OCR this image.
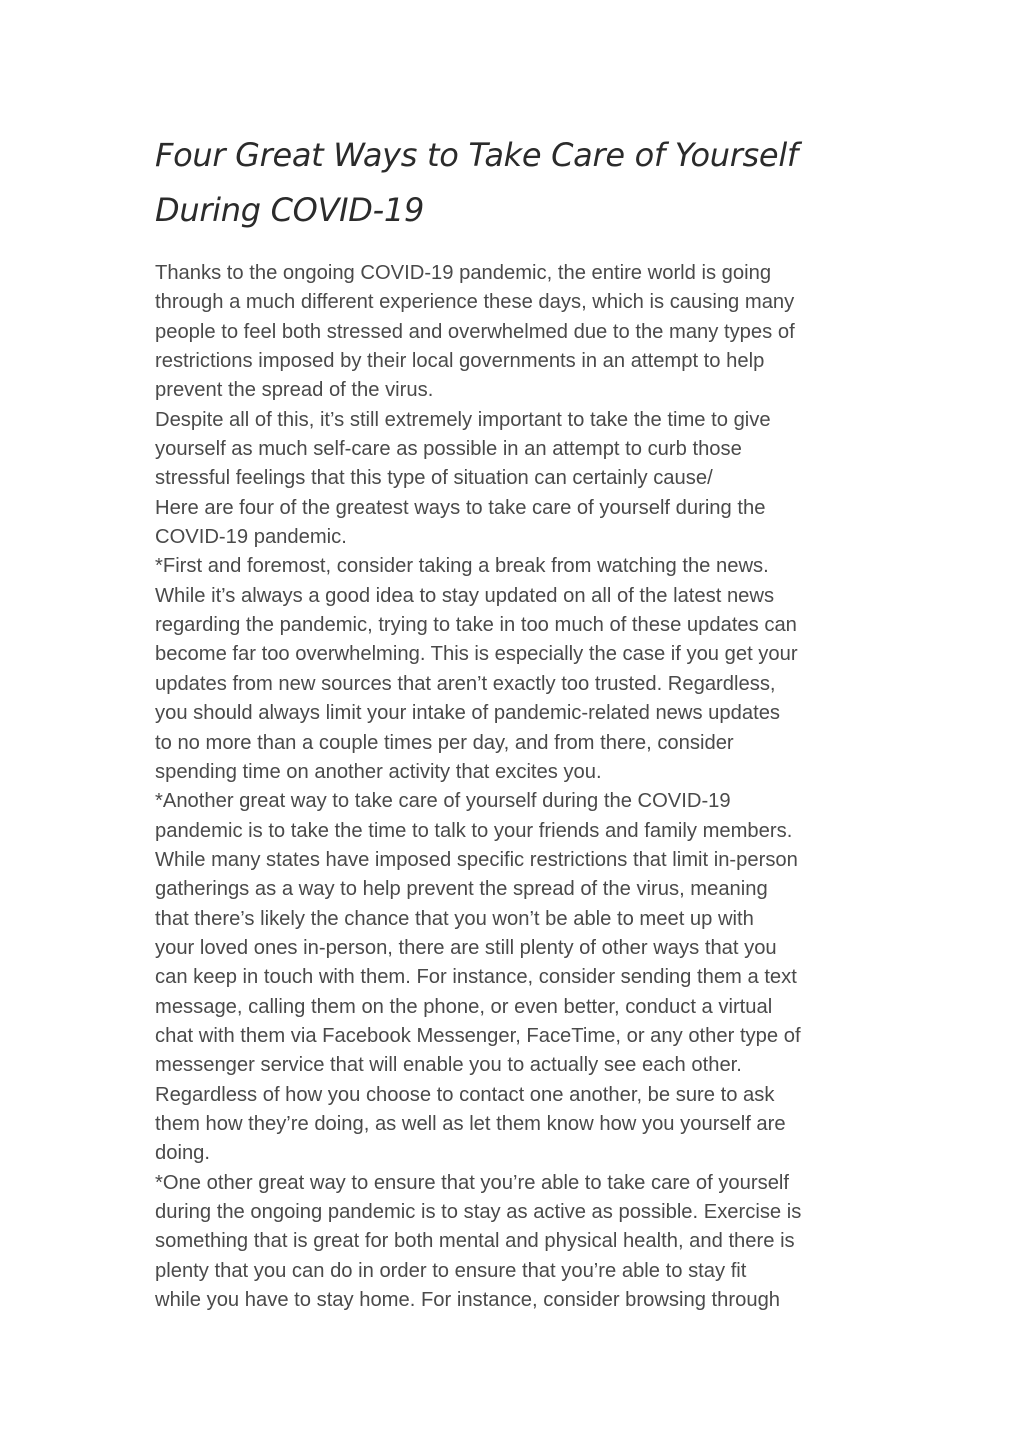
Four Great Ways to Take Care of Yourself During COVID-19

Thanks to the ongoing COVID-19 pandemic, the entire world is going
through a much different experience these days, which is causing many
people to feel both stressed and overwhelmed due to the many types of
restrictions imposed by their local governments in an attempt to help
prevent the spread of the virus.

Despite all of this, it’s still extremely important to take the time to give
yourself as much self-care as possible in an attempt to curb those
stressful feelings that this type of situation can certainly cause/

Here are four of the greatest ways to take care of yourself during the
COVID-19 pandemic.

*First and foremost, consider taking a break from watching the news.
While it’s always a good idea to stay updated on all of the latest news
regarding the pandemic, trying to take in too much of these updates can
become far too overwhelming. This is especially the case if you get your
updates from new sources that aren’t exactly too trusted. Regardless,
you should always limit your intake of pandemic-related news updates
to no more than a couple times per day, and from there, consider
spending time on another activity that excites you.

*Another great way to take care of yourself during the COVID-19
pandemic is to take the time to talk to your friends and family members.
While many states have imposed specific restrictions that limit in-person
gatherings as a way to help prevent the spread of the virus, meaning
that there’s likely the chance that you won’t be able to meet up with
your loved ones in-person, there are still plenty of other ways that you
can keep in touch with them. For instance, consider sending them a text
message, calling them on the phone, or even better, conduct a virtual
chat with them via Facebook Messenger, FaceTime, or any other type of
messenger service that will enable you to actually see each other.
Regardless of how you choose to contact one another, be sure to ask
them how they’re doing, as well as let them know how you yourself are
doing.

*One other great way to ensure that you’re able to take care of yourself
during the ongoing pandemic is to stay as active as possible. Exercise is
something that is great for both mental and physical health, and there is
plenty that you can do in order to ensure that you’re able to stay fit
while you have to stay home. For instance, consider browsing through
